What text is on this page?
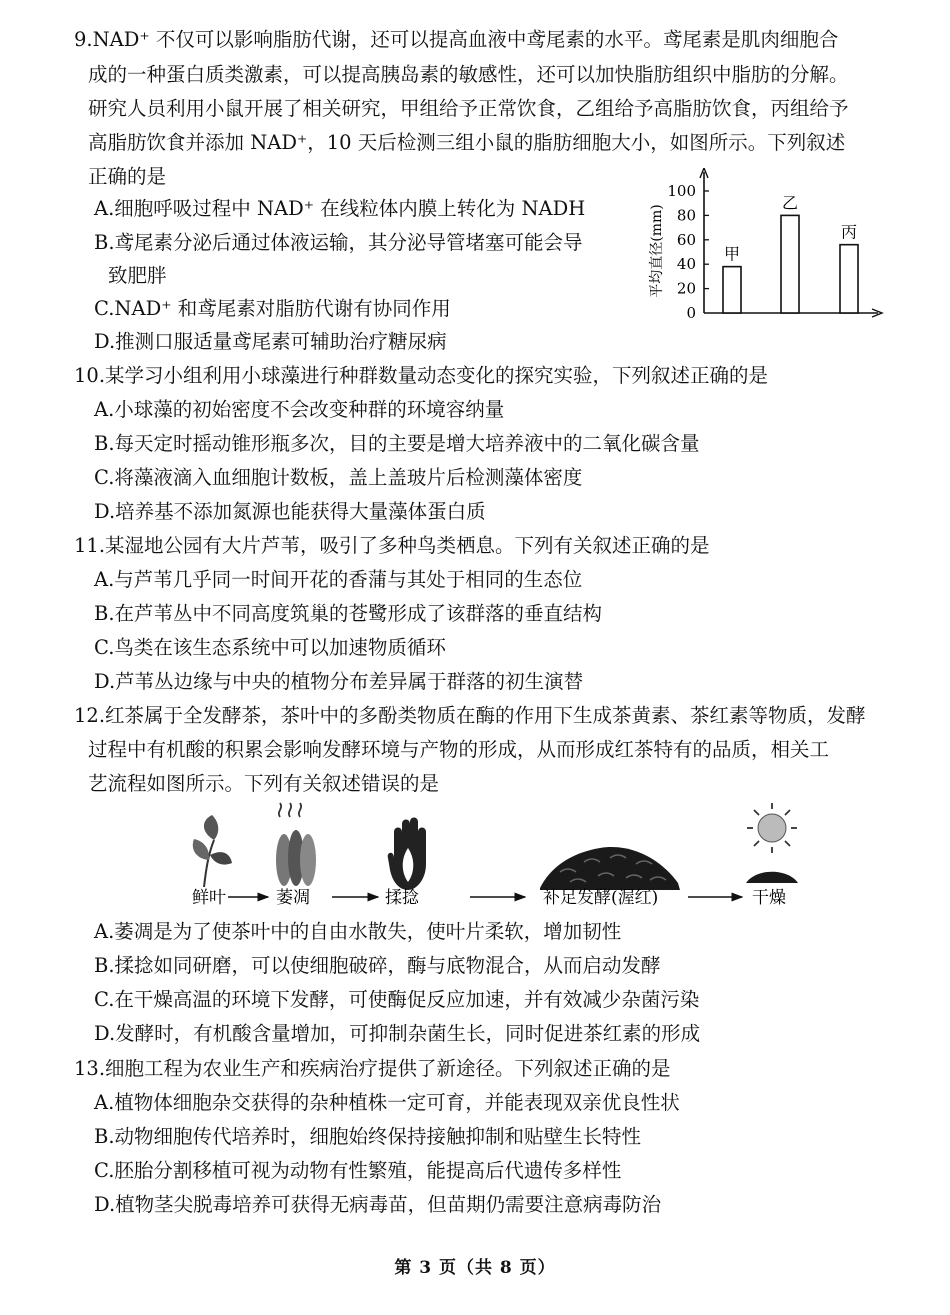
9.NAD⁺ 不仅可以影响脂肪代谢，还可以提高血液中鸢尾素的水平。鸢尾素是肌肉细胞合
成的一种蛋白质类激素，可以提高胰岛素的敏感性，还可以加快脂肪组织中脂肪的分解。
研究人员利用小鼠开展了相关研究，甲组给予正常饮食，乙组给予高脂肪饮食，丙组给予
高脂肪饮食并添加 NAD⁺，10 天后检测三组小鼠的脂肪细胞大小，如图所示。下列叙述
正确的是
A.细胞呼吸过程中 NAD⁺ 在线粒体内膜上转化为 NADH
B.鸢尾素分泌后通过体液运输，其分泌导管堵塞可能会导
致肥胖
C.NAD⁺ 和鸢尾素对脂肪代谢有协同作用
D.推测口服适量鸢尾素可辅助治疗糖尿病
0
20
40
60
80
100
平均直径(mm)	甲
乙
丙
10.某学习小组利用小球藻进行种群数量动态变化的探究实验，下列叙述正确的是
A.小球藻的初始密度不会改变种群的环境容纳量
B.每天定时摇动锥形瓶多次，目的主要是增大培养液中的二氧化碳含量
C.将藻液滴入血细胞计数板，盖上盖玻片后检测藻体密度
D.培养基不添加氮源也能获得大量藻体蛋白质
11.某湿地公园有大片芦苇，吸引了多种鸟类栖息。下列有关叙述正确的是
A.与芦苇几乎同一时间开花的香蒲与其处于相同的生态位
B.在芦苇丛中不同高度筑巢的苍鹭形成了该群落的垂直结构
C.鸟类在该生态系统中可以加速物质循环
D.芦苇丛边缘与中央的植物分布差异属于群落的初生演替
12.红茶属于全发酵茶，茶叶中的多酚类物质在酶的作用下生成茶黄素、茶红素等物质，发酵
过程中有机酸的积累会影响发酵环境与产物的形成，从而形成红茶特有的品质，相关工
艺流程如图所示。下列有关叙述错误的是
鲜叶	萎凋	揉捻	补足发酵(渥红)	干燥
A.萎凋是为了使茶叶中的自由水散失，使叶片柔软，增加韧性
B.揉捻如同研磨，可以使细胞破碎，酶与底物混合，从而启动发酵
C.在干燥高温的环境下发酵，可使酶促反应加速，并有效减少杂菌污染
D.发酵时，有机酸含量增加，可抑制杂菌生长，同时促进茶红素的形成
13.细胞工程为农业生产和疾病治疗提供了新途径。下列叙述正确的是
A.植物体细胞杂交获得的杂种植株一定可育，并能表现双亲优良性状
B.动物细胞传代培养时，细胞始终保持接触抑制和贴壁生长特性
C.胚胎分割移植可视为动物有性繁殖，能提高后代遗传多样性
D.植物茎尖脱毒培养可获得无病毒苗，但苗期仍需要注意病毒防治
第 3 页（共 8 页）
